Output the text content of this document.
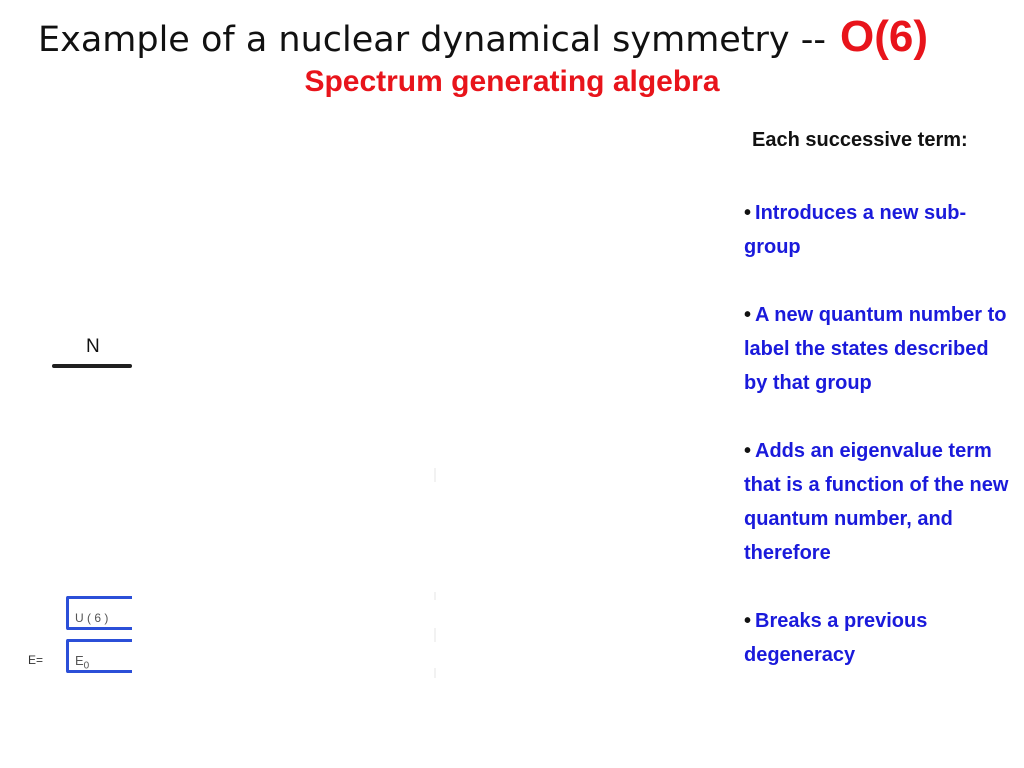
Example of a nuclear dynamical symmetry -- O(6)
Spectrum generating algebra
Each successive term:
• Introduces a new sub-group
• A new quantum number to label the states described by that group
• Adds an eigenvalue term that is a function of the new quantum number, and therefore
• Breaks a previous degeneracy
N
U ( 6 )
$E= E_0$
